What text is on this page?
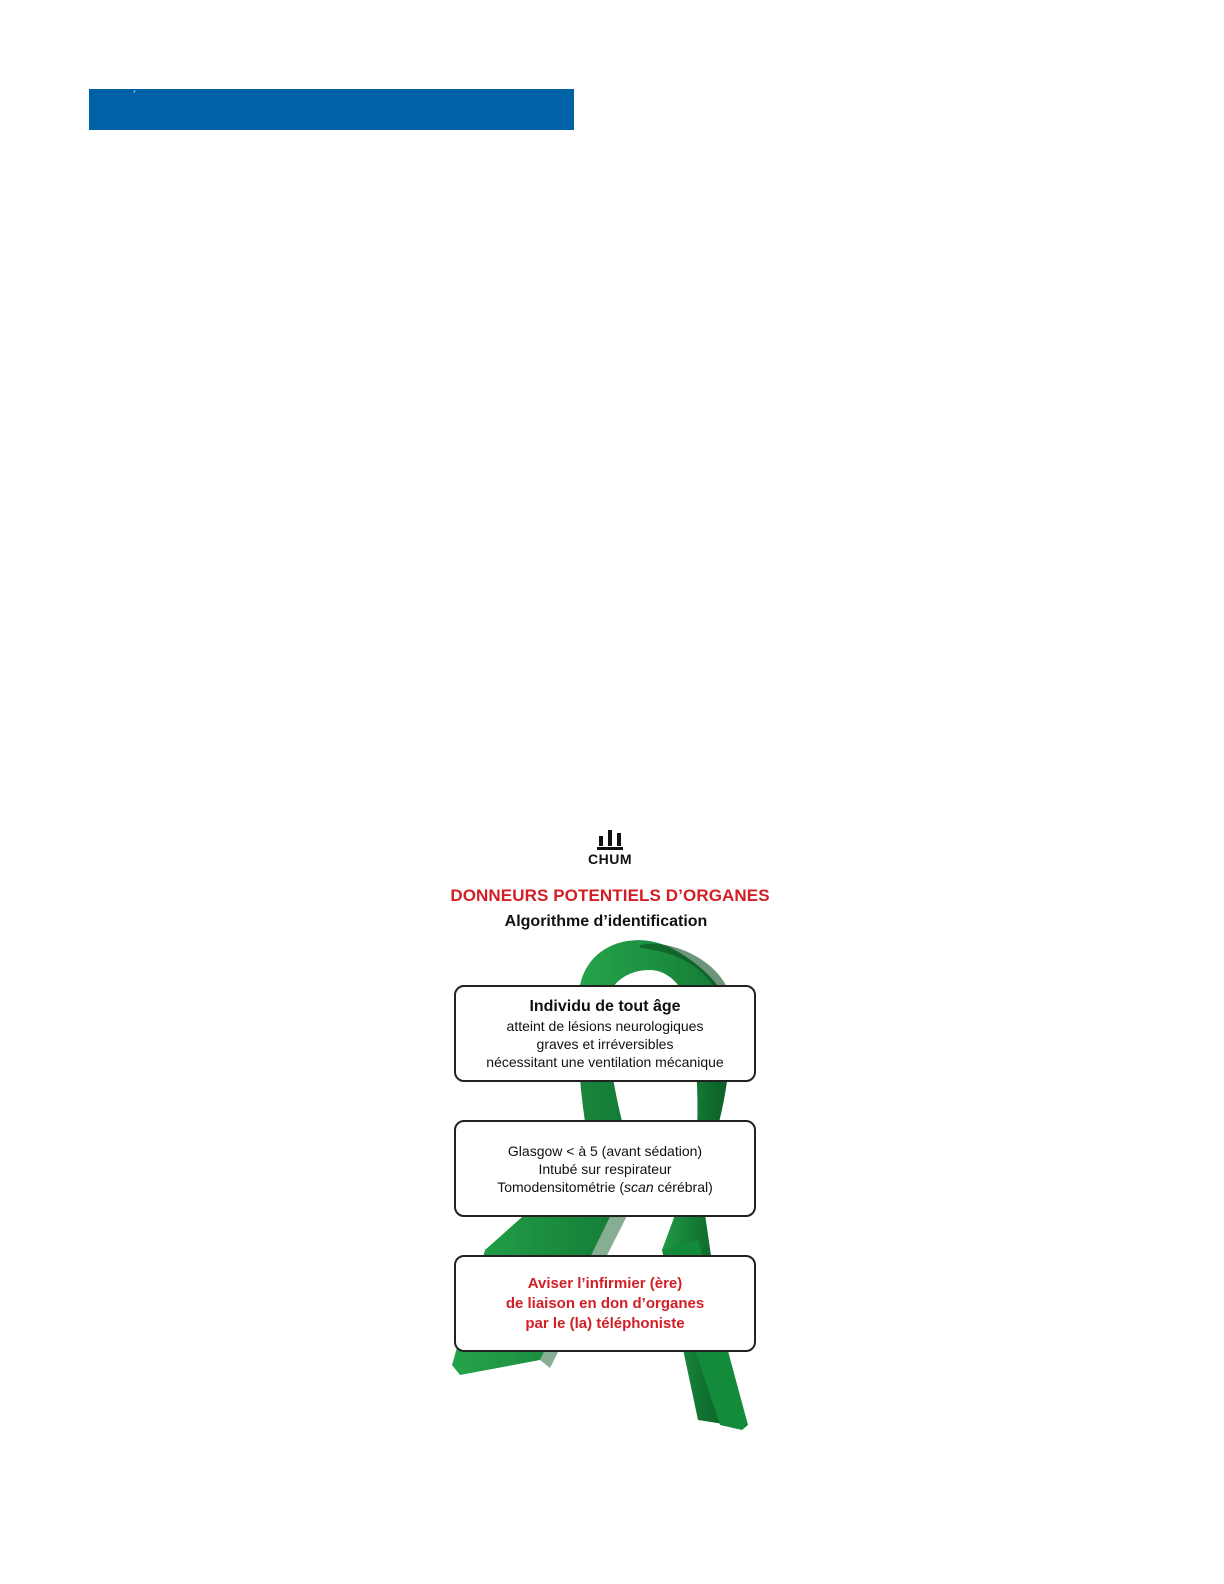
´
CHUM
DONNEURS POTENTIELS D’ORGANES
Algorithme d’identification
Individu de tout âge
atteint de lésions neurologiques
graves et irréversibles
nécessitant une ventilation mécanique
Glasgow < à 5 (avant sédation)
Intubé sur respirateur
Tomodensitométrie (scan cérébral)
Aviser l’infirmier (ère)
de liaison en don d’organes
par le (la) téléphoniste
